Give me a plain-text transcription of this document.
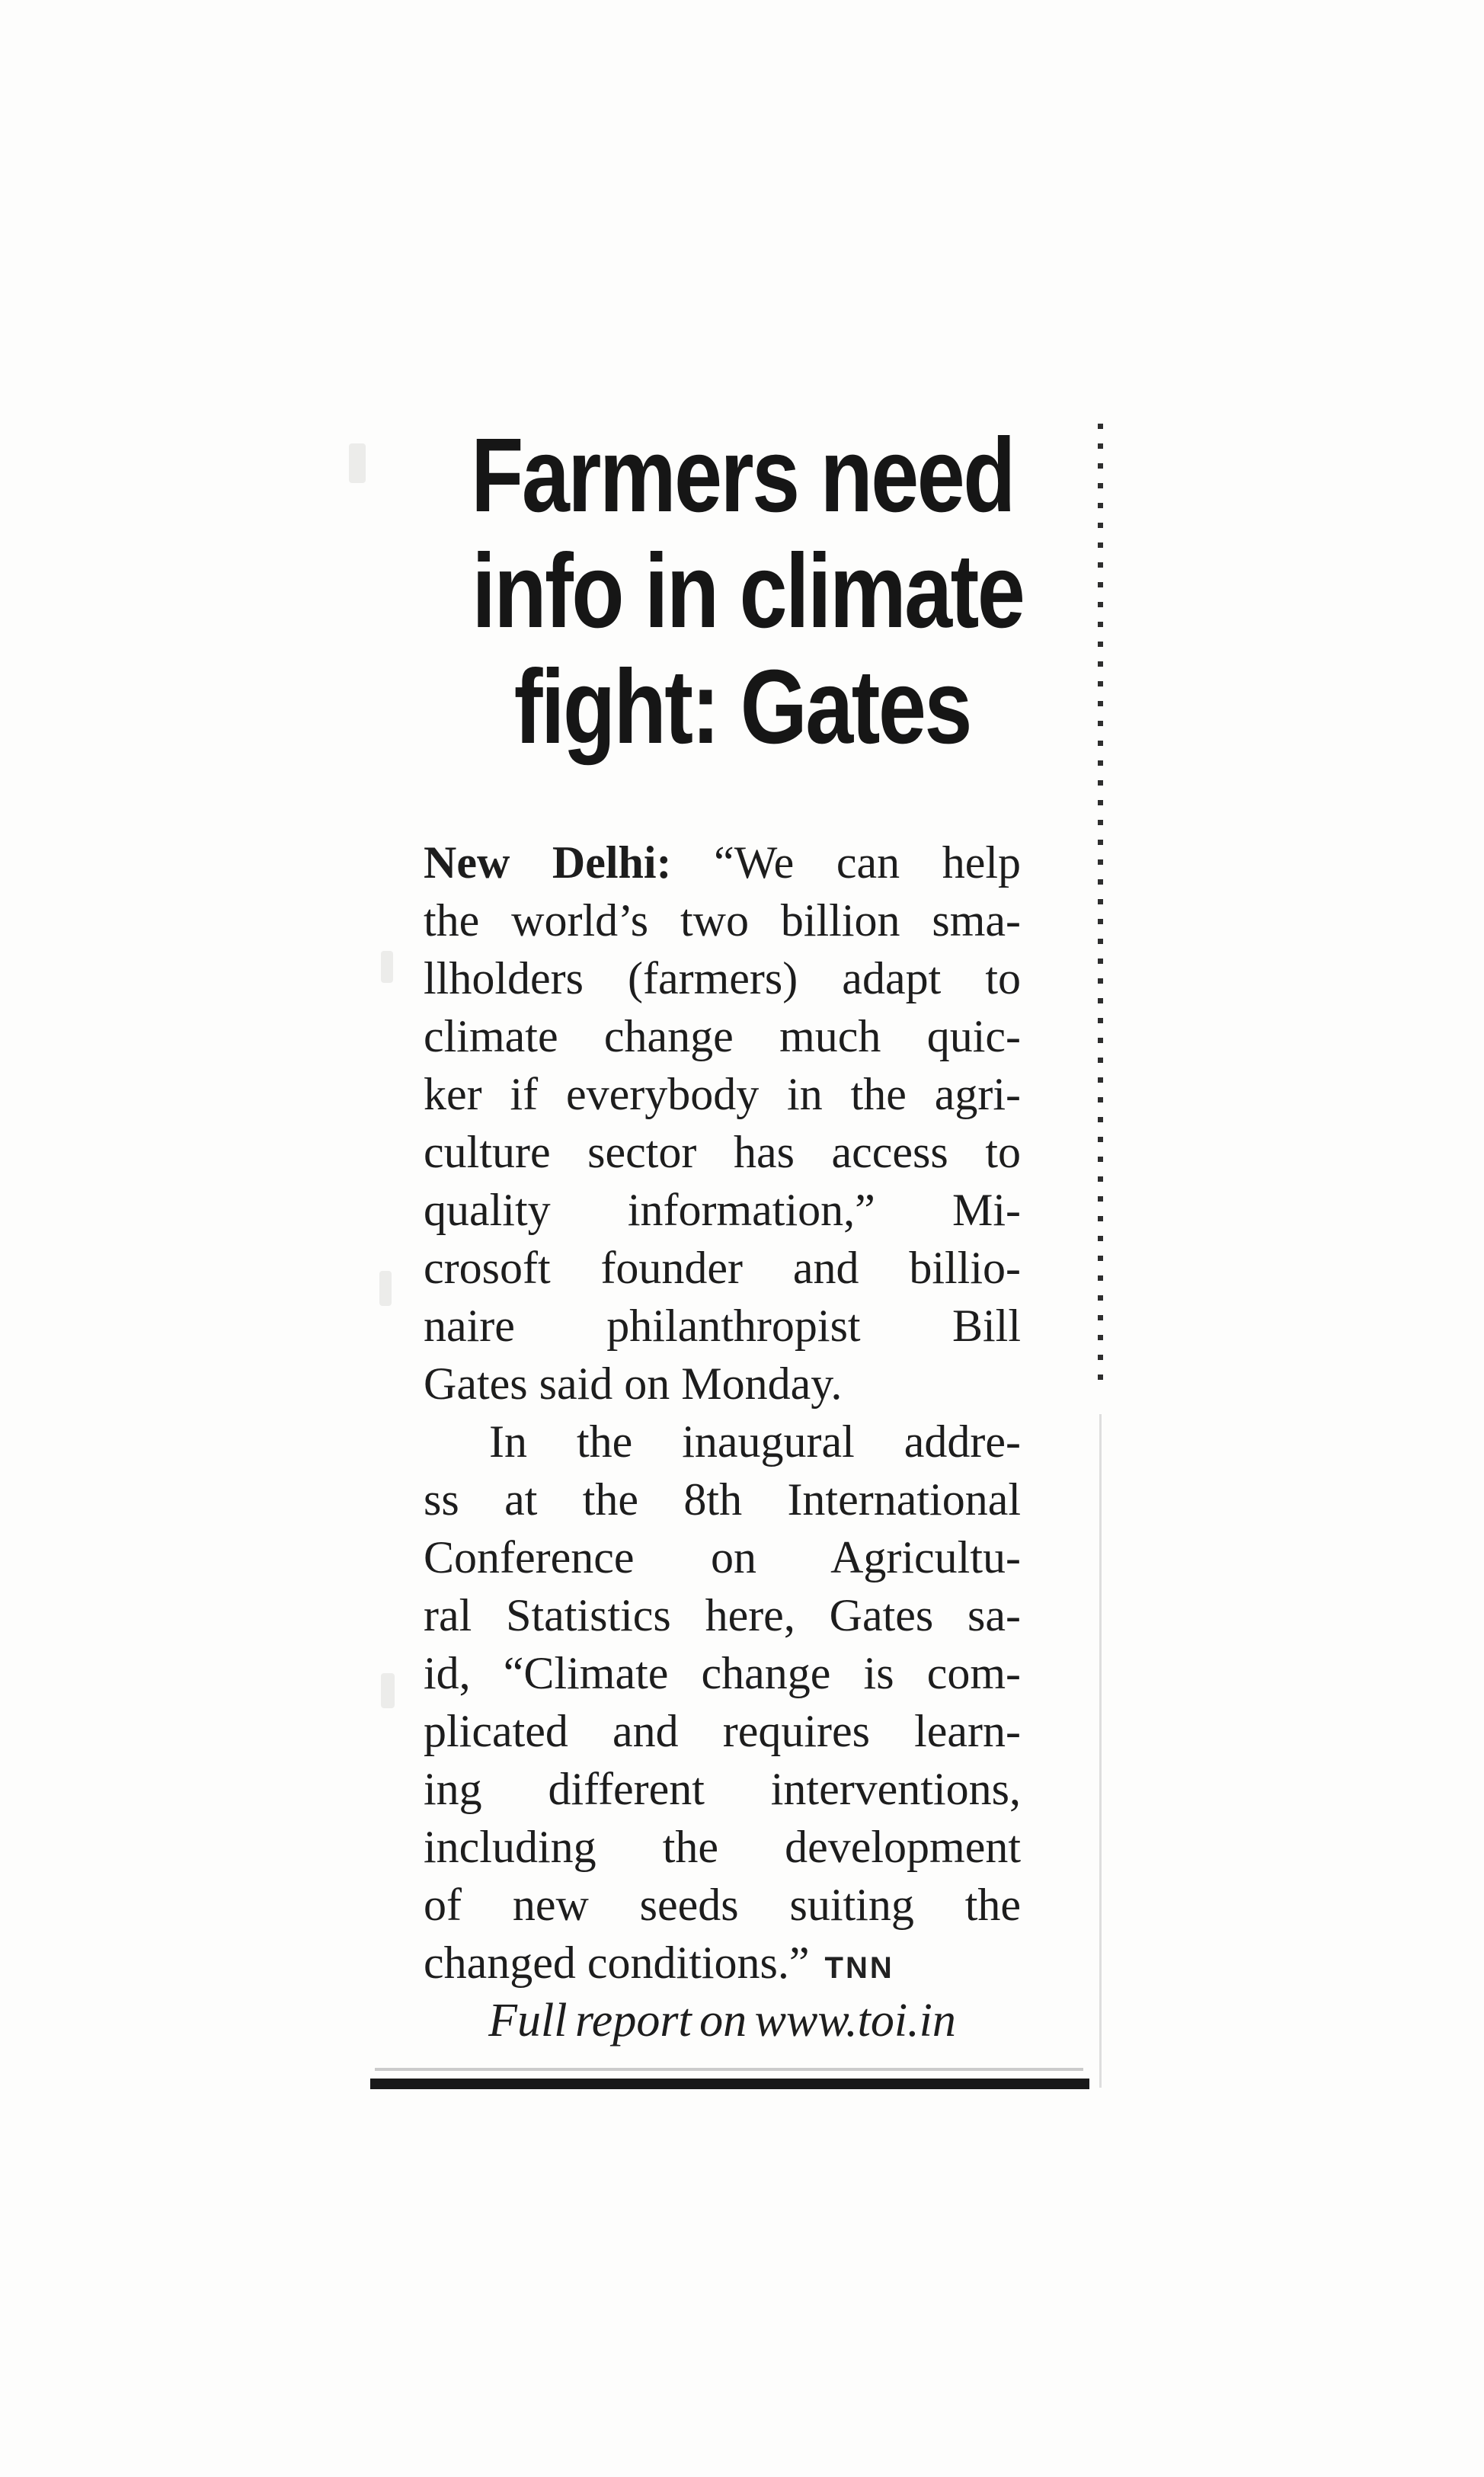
Farmers need
info in climate
fight: Gates
New Delhi: “We can help
the world’s two billion sma-
llholders (farmers) adapt to
climate change much quic-
ker if everybody in the agri-
culture sector has access to
quality information,” Mi-
crosoft founder and billio-
naire philanthropist Bill
Gates said on Monday.
In the inaugural addre-
ss at the 8th International
Conference on Agricultu-
ral Statistics here, Gates sa-
id, “Climate change is com-
plicated and requires learn-
ing different interventions,
including the development
of new seeds suiting the
changed conditions.” TNN
Full report on www.toi.in
